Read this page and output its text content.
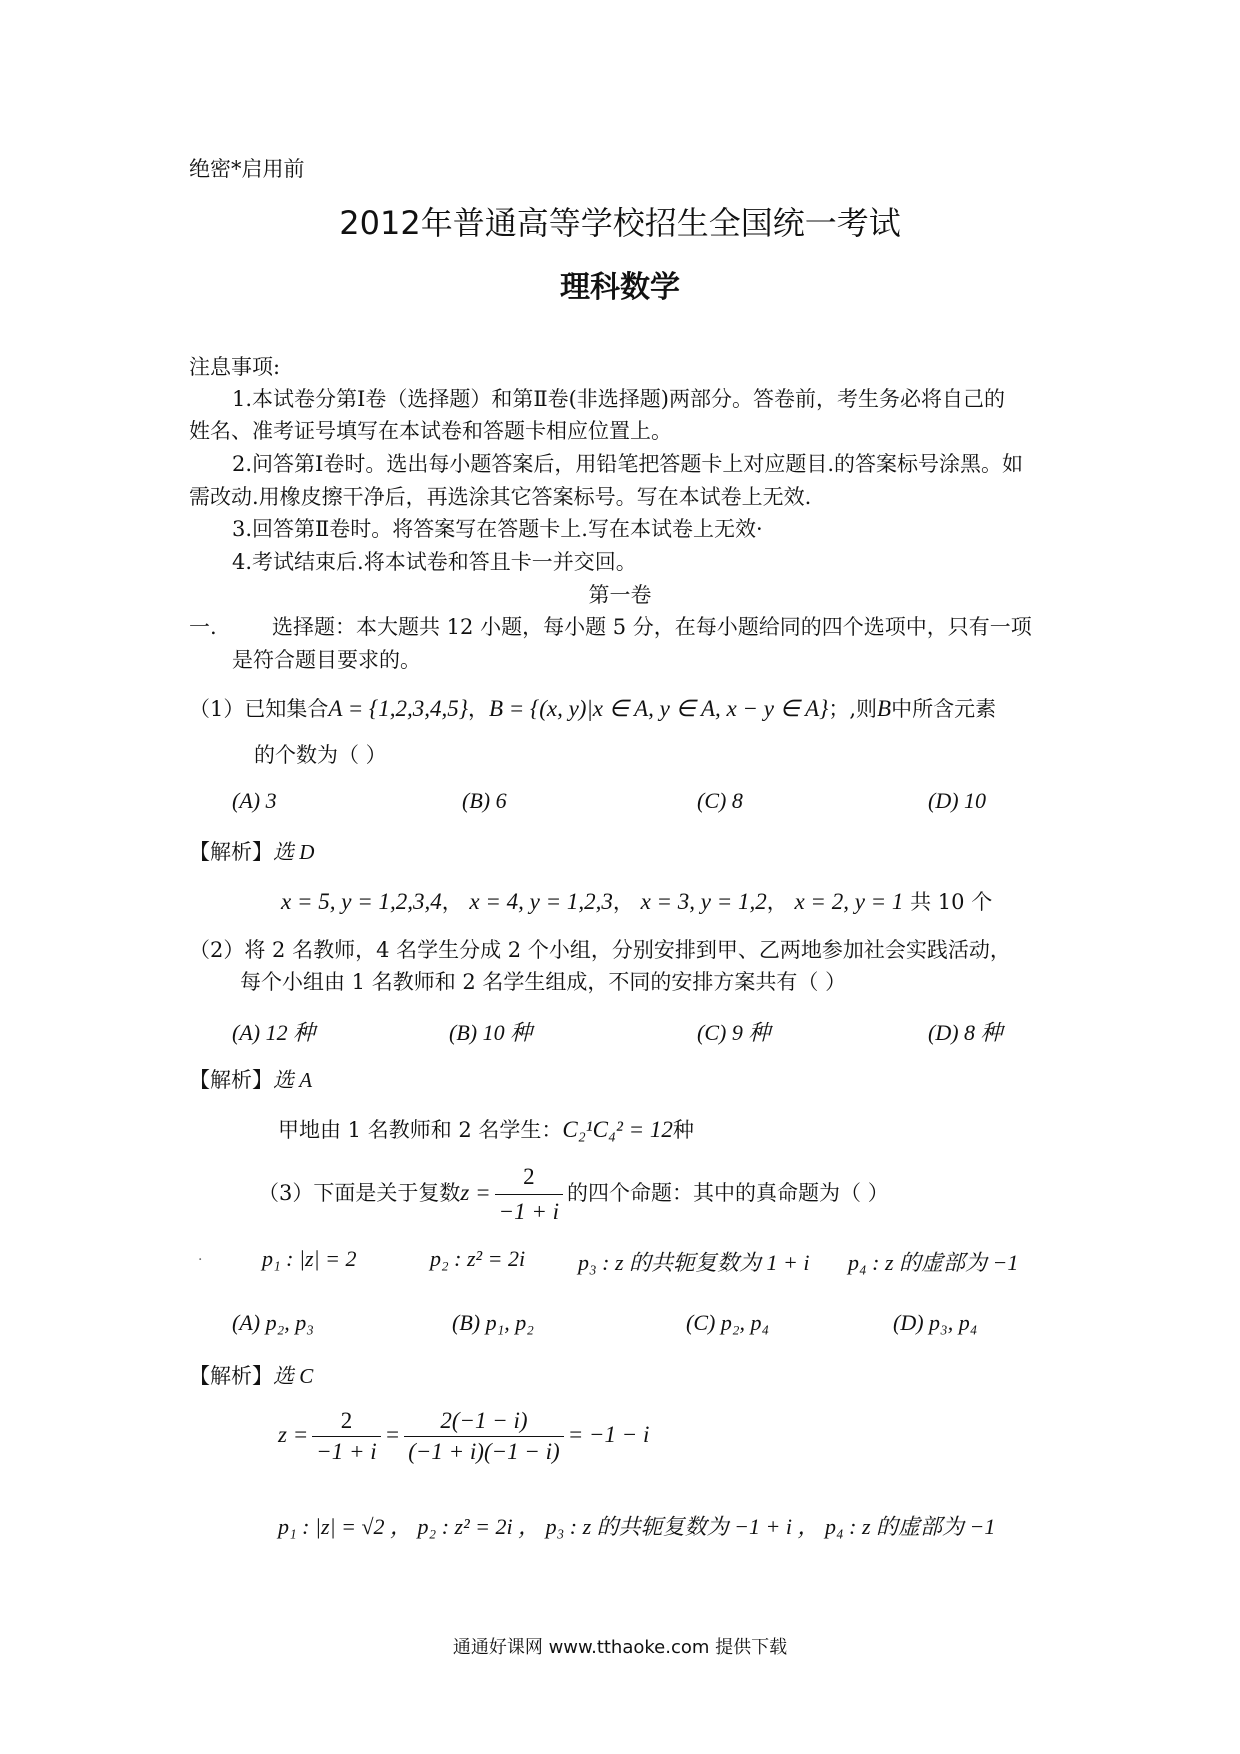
绝密*启用前
2012年普通高等学校招生全国统一考试
理科数学
注息事项:
1.本试卷分第Ⅰ卷（选择题）和第Ⅱ卷(非选择题)两部分。答卷前，考生务必将自己的
姓名、准考证号填写在本试卷和答题卡相应位置上。
2.问答第Ⅰ卷时。选出每小题答案后，用铅笔把答题卡上对应题目.的答案标号涂黑。如
需改动.用橡皮擦干净后，再选涂其它答案标号。写在本试卷上无效.
3.回答第Ⅱ卷时。将答案写在答题卡上.写在本试卷上无效·
4.考试结束后.将本试卷和答且卡一并交回。
第一卷
一.	选择题：本大题共 12 小题，每小题 5 分，在每小题给同的四个选项中，只有一项
是符合题目要求的。
（1）已知集合A = {1,2,3,4,5}，B = {(x, y)|x ∈ A, y ∈ A, x − y ∈ A}；,则B中所含元素
的个数为（ ）
(A) 3	(B) 6	(C) 8	(D) 10
【解析】选 D
x = 5, y = 1,2,3,4， x = 4, y = 1,2,3， x = 3, y = 1,2， x = 2, y = 1 共 10 个
（2）将 2 名教师，4 名学生分成 2 个小组，分别安排到甲、乙两地参加社会实践活动，
每个小组由 1 名教师和 2 名学生组成，不同的安排方案共有（ ）
(A) 12 种	(B) 10 种	(C) 9 种	(D) 8 种
【解析】选 A
甲地由 1 名教师和 2 名学生：C₂¹C₄² = 12种
（3）下面是关于复数$z = \frac{2}{-1 + i}$ 的四个命题：其中的真命题为（ ）
·	p₁ : |z| = 2	p₂ : z² = 2i p₃ : z 的共轭复数为 1 + i p₄ : z 的虚部为 −1
(A) p₂, p₃	(B) p₁, p₂	(C) p₂, p₄	(D) p₃, p₄
【解析】选 C
$z = \frac{2}{-1 + i} = \frac{2(-1 - i)}{(-1 + i)(-1 - i)} = -1 - i$
p₁ : |z| = √2 ， p₂ : z² = 2i ， p₃ : z 的共轭复数为 −1 + i ， p₄ : z 的虚部为 −1
通通好课网 www.tthaoke.com 提供下载
